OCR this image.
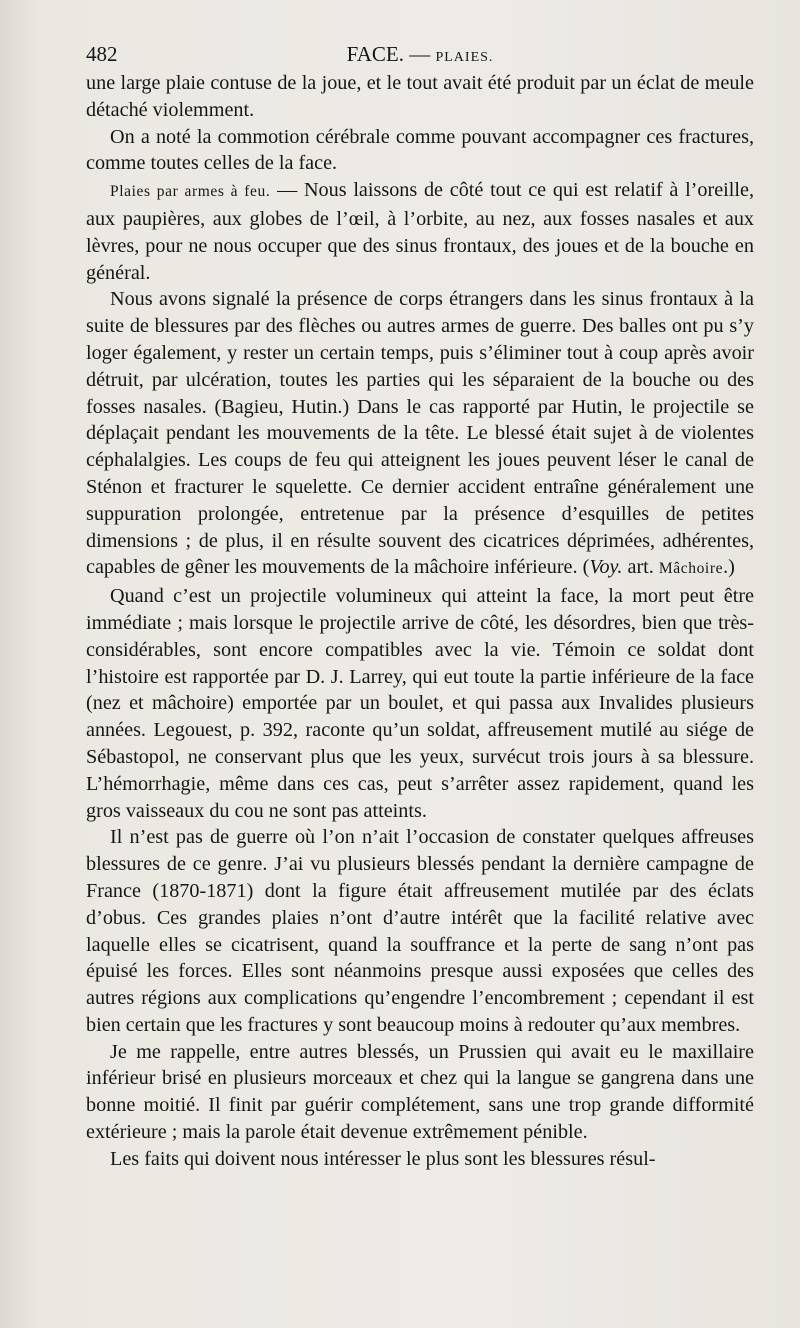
482	FACE. — PLAIES.

une large plaie contuse de la joue, et le tout avait été produit par un éclat de meule détaché violemment.

On a noté la commotion cérébrale comme pouvant accompagner ces fractures, comme toutes celles de la face.

Plaies par armes à feu. — Nous laissons de côté tout ce qui est relatif à l’oreille, aux paupières, aux globes de l’œil, à l’orbite, au nez, aux fosses nasales et aux lèvres, pour ne nous occuper que des sinus frontaux, des joues et de la bouche en général.

Nous avons signalé la présence de corps étrangers dans les sinus frontaux à la suite de blessures par des flèches ou autres armes de guerre. Des balles ont pu s’y loger également, y rester un certain temps, puis s’éliminer tout à coup après avoir détruit, par ulcération, toutes les parties qui les séparaient de la bouche ou des fosses nasales. (Bagieu, Hutin.) Dans le cas rapporté par Hutin, le projectile se déplaçait pendant les mouvements de la tête. Le blessé était sujet à de violentes céphalalgies. Les coups de feu qui atteignent les joues peuvent léser le canal de Sténon et fracturer le squelette. Ce dernier accident entraîne généralement une suppuration prolongée, entretenue par la présence d’esquilles de petites dimensions ; de plus, il en résulte souvent des cicatrices déprimées, adhérentes, capables de gêner les mouvements de la mâchoire inférieure. (Voy. art. Mâchoire.)

Quand c’est un projectile volumineux qui atteint la face, la mort peut être immédiate ; mais lorsque le projectile arrive de côté, les désordres, bien que très-considérables, sont encore compatibles avec la vie. Témoin ce soldat dont l’histoire est rapportée par D. J. Larrey, qui eut toute la partie inférieure de la face (nez et mâchoire) emportée par un boulet, et qui passa aux Invalides plusieurs années. Legouest, p. 392, raconte qu’un soldat, affreusement mutilé au siége de Sébastopol, ne conservant plus que les yeux, survécut trois jours à sa blessure. L’hémorrhagie, même dans ces cas, peut s’arrêter assez rapidement, quand les gros vaisseaux du cou ne sont pas atteints.

Il n’est pas de guerre où l’on n’ait l’occasion de constater quelques affreuses blessures de ce genre. J’ai vu plusieurs blessés pendant la dernière campagne de France (1870-1871) dont la figure était affreusement mutilée par des éclats d’obus. Ces grandes plaies n’ont d’autre intérêt que la facilité relative avec laquelle elles se cicatrisent, quand la souffrance et la perte de sang n’ont pas épuisé les forces. Elles sont néanmoins presque aussi exposées que celles des autres régions aux complications qu’engendre l’encombrement ; cependant il est bien certain que les fractures y sont beaucoup moins à redouter qu’aux membres.

Je me rappelle, entre autres blessés, un Prussien qui avait eu le maxillaire inférieur brisé en plusieurs morceaux et chez qui la langue se gangrena dans une bonne moitié. Il finit par guérir complétement, sans une trop grande difformité extérieure ; mais la parole était devenue extrêmement pénible.

Les faits qui doivent nous intéresser le plus sont les blessures résul-
